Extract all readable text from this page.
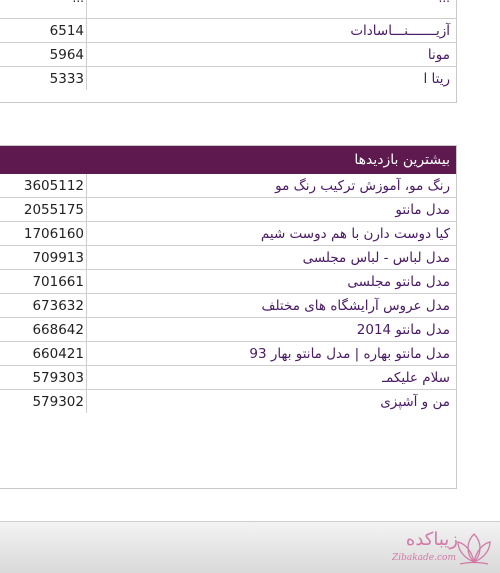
6514	آزیـــــــنـــاسادات
5964	مونا
5333	ریتا ا
بیشترین بازدیدها
3605112	رنگ مو، آموزش ترکیب رنگ مو
2055175	مدل مانتو
1706160	کیا دوست دارن با هم دوست شیم
709913	مدل لباس - لباس مجلسی
701661	مدل مانتو مجلسی
673632	مدل عروس آرایشگاه های مختلف
668642	مدل مانتو 2014
660421	مدل مانتو بهاره | مدل مانتو بهار 93
579303	سلام علیکمـ
579302	من و آشپزی
زیباکده
Zibakade.com
